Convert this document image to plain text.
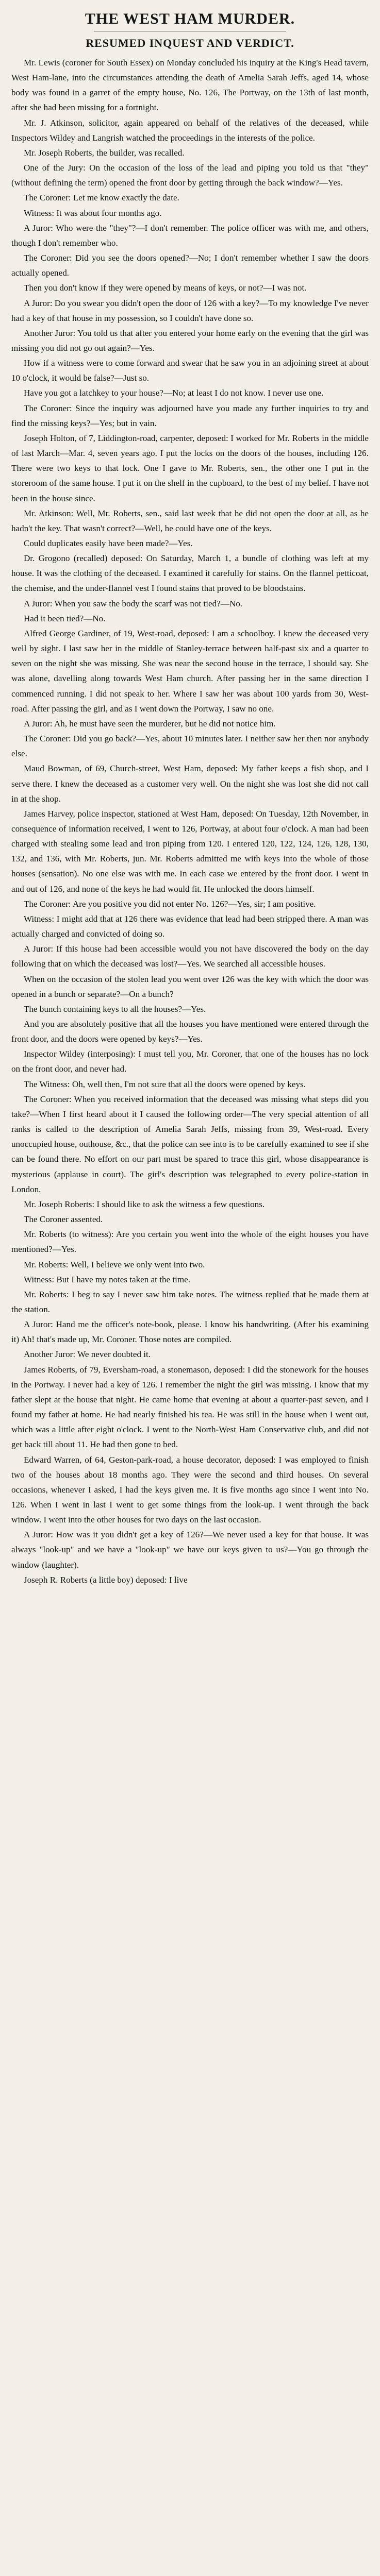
THE WEST HAM MURDER.
RESUMED INQUEST AND VERDICT.

Mr. Lewis (coroner for South Essex) on Monday concluded his inquiry at the King's Head tavern, West Ham-lane, into the circumstances attending the death of Amelia Sarah Jeffs, aged 14, whose body was found in a garret of the empty house, No. 126, The Portway, on the 13th of last month, after she had been missing for a fortnight.

Mr. J. Atkinson, solicitor, again appeared on behalf of the relatives of the deceased, while Inspectors Wildey and Langrish watched the proceedings in the interests of the police.

Mr. Joseph Roberts, the builder, was recalled.

One of the Jury: On the occasion of the loss of the lead and piping you told us that "they" (without defining the term) opened the front door by getting through the back window?—Yes.

The Coroner: Let me know exactly the date.

Witness: It was about four months ago.

A Juror: Who were the "they"?—I don't remember. The police officer was with me, and others, though I don't remember who.

The Coroner: Did you see the doors opened?—No; I don't remember whether I saw the doors actually opened.

Then you don't know if they were opened by means of keys, or not?—I was not.

A Juror: Do you swear you didn't open the door of 126 with a key?—To my knowledge I've never had a key of that house in my possession, so I couldn't have done so.

Another Juror: You told us that after you entered your home early on the evening that the girl was missing you did not go out again?—Yes.

How if a witness were to come forward and swear that he saw you in an adjoining street at about 10 o'clock, it would be false?—Just so.

Have you got a latchkey to your house?—No; at least I do not know. I never use one.

The Coroner: Since the inquiry was adjourned have you made any further inquiries to try and find the missing keys?—Yes; but in vain.

Joseph Holton, of 7, Liddington-road, carpenter, deposed: I worked for Mr. Roberts in the middle of last March—Mar. 4, seven years ago. I put the locks on the doors of the houses, including 126. There were two keys to that lock. One I gave to Mr. Roberts, sen., the other one I put in the storeroom of the same house. I put it on the shelf in the cupboard, to the best of my belief. I have not been in the house since.

Mr. Atkinson: Well, Mr. Roberts, sen., said last week that he did not open the door at all, as he hadn't the key. That wasn't correct?—Well, he could have one of the keys.

Could duplicates easily have been made?—Yes.

Dr. Grogono (recalled) deposed: On Saturday, March 1, a bundle of clothing was left at my house. It was the clothing of the deceased. I examined it carefully for stains. On the flannel petticoat, the chemise, and the under-flannel vest I found stains that proved to be bloodstains.

A Juror: When you saw the body the scarf was not tied?—No.

Had it been tied?—No.

Alfred George Gardiner, of 19, West-road, deposed: I am a schoolboy. I knew the deceased very well by sight. I last saw her in the middle of Stanley-terrace between half-past six and a quarter to seven on the night she was missing. She was near the second house in the terrace, I should say. She was alone, davelling along towards West Ham church. After passing her in the same direction I commenced running. I did not speak to her. Where I saw her was about 100 yards from 30, West-road. After passing the girl, and as I went down the Portway, I saw no one.

A Juror: Ah, he must have seen the murderer, but he did not notice him.

The Coroner: Did you go back?—Yes, about 10 minutes later. I neither saw her then nor anybody else.

Maud Bowman, of 69, Church-street, West Ham, deposed: My father keeps a fish shop, and I serve there. I knew the deceased as a customer very well. On the night she was lost she did not call in at the shop.

James Harvey, police inspector, stationed at West Ham, deposed: On Tuesday, 12th November, in consequence of information received, I went to 126, Portway, at about four o'clock. A man had been charged with stealing some lead and iron piping from 120. I entered 120, 122, 124, 126, 128, 130, 132, and 136, with Mr. Roberts, jun. Mr. Roberts admitted me with keys into the whole of those houses (sensation). No one else was with me. In each case we entered by the front door. I went in and out of 126, and none of the keys he had would fit. He unlocked the doors himself.

The Coroner: Are you positive you did not enter No. 126?—Yes, sir; I am positive.

Witness: I might add that at 126 there was evidence that lead had been stripped there. A man was actually charged and convicted of doing so.

A Juror: If this house had been accessible would you not have discovered the body on the day following that on which the deceased was lost?—Yes. We searched all accessible houses.

When on the occasion of the stolen lead you went over 126 was the key with which the door was opened in a bunch or separate?—On a bunch?

The bunch containing keys to all the houses?—Yes.

And you are absolutely positive that all the houses you have mentioned were entered through the front door, and the doors were opened by keys?—Yes.

Inspector Wildey (interposing): I must tell you, Mr. Coroner, that one of the houses has no lock on the front door, and never had.

The Witness: Oh, well then, I'm not sure that all the doors were opened by keys.

The Coroner: When you received information that the deceased was missing what steps did you take?—When I first heard about it I caused the following order—The very special attention of all ranks is called to the description of Amelia Sarah Jeffs, missing from 39, West-road. Every unoccupied house, outhouse, &c., that the police can see into is to be carefully examined to see if she can be found there. No effort on our part must be spared to trace this girl, whose disappearance is mysterious (applause in court). The girl's description was telegraphed to every police-station in London.

Mr. Joseph Roberts: I should like to ask the witness a few questions.

The Coroner assented.

Mr. Roberts (to witness): Are you certain you went into the whole of the eight houses you have mentioned?—Yes.

Mr. Roberts: Well, I believe we only went into two.

Witness: But I have my notes taken at the time.

Mr. Roberts: I beg to say I never saw him take notes. The witness replied that he made them at the station.

A Juror: Hand me the officer's note-book, please. I know his handwriting. (After his examining it) Ah! that's made up, Mr. Coroner. Those notes are compiled.

Another Juror: We never doubted it.

James Roberts, of 79, Eversham-road, a stonemason, deposed: I did the stonework for the houses in the Portway. I never had a key of 126. I remember the night the girl was missing. I know that my father slept at the house that night. He came home that evening at about a quarter-past seven, and I found my father at home. He had nearly finished his tea. He was still in the house when I went out, which was a little after eight o'clock. I went to the North-West Ham Conservative club, and did not get back till about 11. He had then gone to bed.

Edward Warren, of 64, Geston-park-road, a house decorator, deposed: I was employed to finish two of the houses about 18 months ago. They were the second and third houses. On several occasions, whenever I asked, I had the keys given me. It is five months ago since I went into No. 126. When I went in last I went to get some things from the look-up. I went through the back window. I went into the other houses for two days on the last occasion.

A Juror: How was it you didn't get a key of 126?—We never used a key for that house. It was always "look-up" and we have a "look-up" we have our keys given to us?—You go through the window (laughter).

Joseph R. Roberts (a little boy) deposed: I live
